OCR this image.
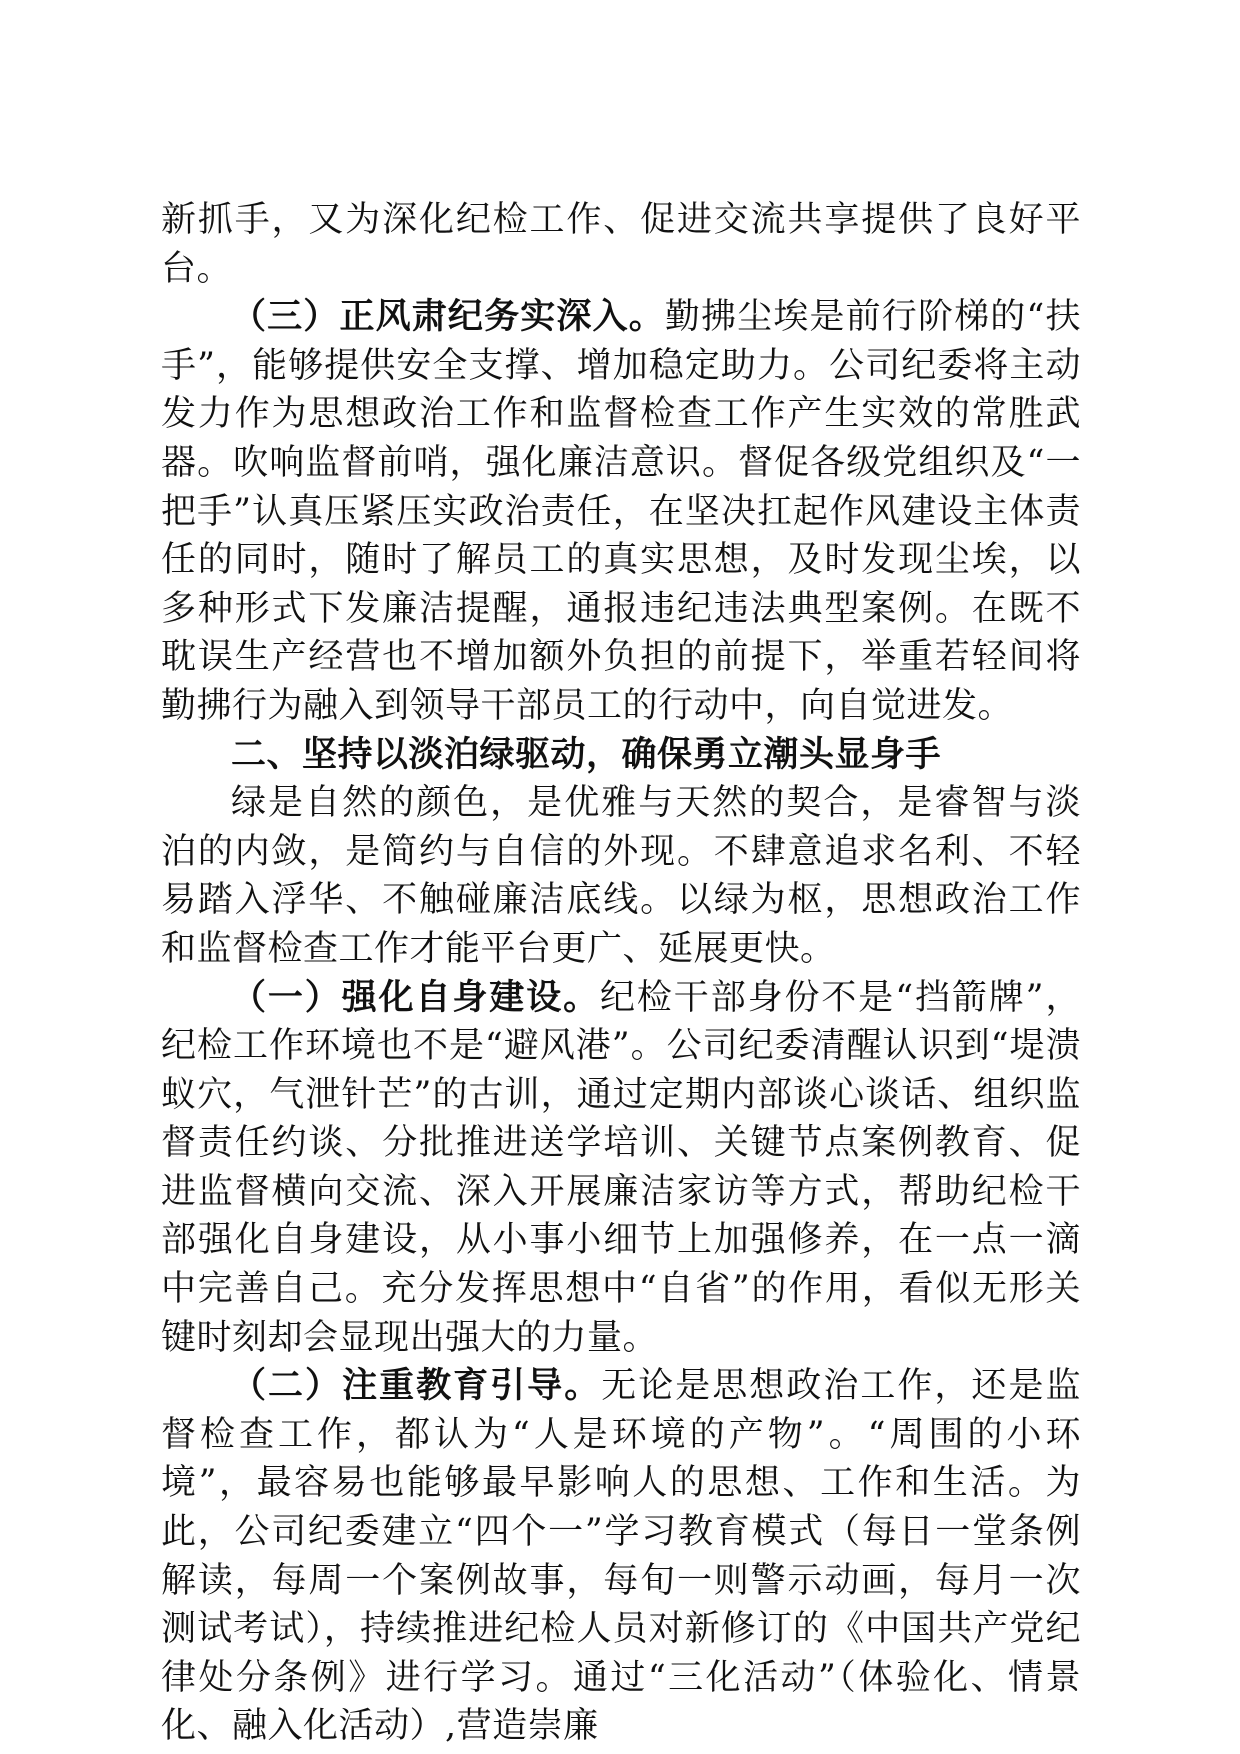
新抓手，又为深化纪检工作、促进交流共享提供了良好平台。

（三）正风肃纪务实深入。勤拂尘埃是前行阶梯的“扶手”，能够提供安全支撑、增加稳定助力。公司纪委将主动发力作为思想政治工作和监督检查工作产生实效的常胜武器。吹响监督前哨，强化廉洁意识。督促各级党组织及“一把手”认真压紧压实政治责任，在坚决扛起作风建设主体责任的同时，随时了解员工的真实思想，及时发现尘埃，以多种形式下发廉洁提醒，通报违纪违法典型案例。在既不耽误生产经营也不增加额外负担的前提下，举重若轻间将勤拂行为融入到领导干部员工的行动中，向自觉进发。

二、坚持以淡泊绿驱动，确保勇立潮头显身手

绿是自然的颜色，是优雅与天然的契合，是睿智与淡泊的内敛，是简约与自信的外现。不肆意追求名利、不轻易踏入浮华、不触碰廉洁底线。以绿为枢，思想政治工作和监督检查工作才能平台更广、延展更快。

（一）强化自身建设。纪检干部身份不是“挡箭牌”，纪检工作环境也不是“避风港”。公司纪委清醒认识到“堤溃蚁穴，气泄针芒”的古训，通过定期内部谈心谈话、组织监督责任约谈、分批推进送学培训、关键节点案例教育、促进监督横向交流、深入开展廉洁家访等方式，帮助纪检干部强化自身建设，从小事小细节上加强修养，在一点一滴中完善自己。充分发挥思想中“自省”的作用，看似无形关键时刻却会显现出强大的力量。

（二）注重教育引导。无论是思想政治工作，还是监督检查工作，都认为“人是环境的产物”。“周围的小环境”，最容易也能够最早影响人的思想、工作和生活。为此，公司纪委建立“四个一”学习教育模式（每日一堂条例解读，每周一个案例故事，每旬一则警示动画，每月一次测试考试），持续推进纪检人员对新修订的《中国共产党纪律处分条例》进行学习。通过“三化活动”（体验化、情景化、融入化活动）,营造崇廉
